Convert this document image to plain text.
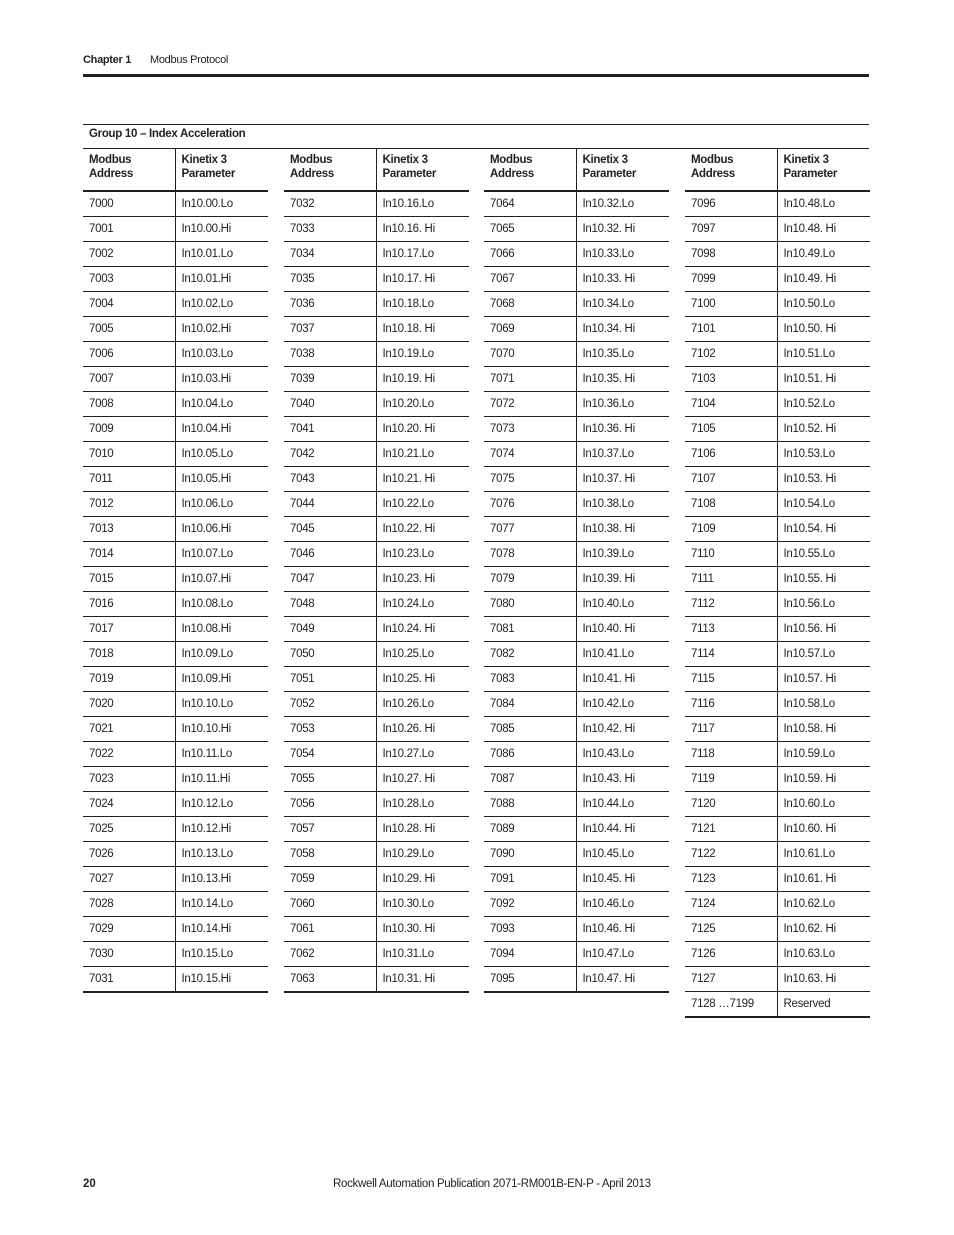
Chapter 1 Modbus Protocol
Group 10 – Index Acceleration
Modbus Address	Kinetix 3 Parameter
7000	In10.00.Lo
7001	In10.00.Hi
7002	In10.01.Lo
7003	In10.01.Hi
7004	In10.02.Lo
7005	In10.02.Hi
7006	In10.03.Lo
7007	In10.03.Hi
7008	In10.04.Lo
7009	In10.04.Hi
7010	In10.05.Lo
7011	In10.05.Hi
7012	In10.06.Lo
7013	In10.06.Hi
7014	In10.07.Lo
7015	In10.07.Hi
7016	In10.08.Lo
7017	In10.08.Hi
7018	In10.09.Lo
7019	In10.09.Hi
7020	In10.10.Lo
7021	In10.10.Hi
7022	In10.11.Lo
7023	In10.11.Hi
7024	In10.12.Lo
7025	In10.12.Hi
7026	In10.13.Lo
7027	In10.13.Hi
7028	In10.14.Lo
7029	In10.14.Hi
7030	In10.15.Lo
7031	In10.15.Hi
Modbus Address	Kinetix 3 Parameter
7032	In10.16.Lo
7033	In10.16. Hi
7034	In10.17.Lo
7035	In10.17. Hi
7036	In10.18.Lo
7037	In10.18. Hi
7038	In10.19.Lo
7039	In10.19. Hi
7040	In10.20.Lo
7041	In10.20. Hi
7042	In10.21.Lo
7043	In10.21. Hi
7044	In10.22.Lo
7045	In10.22. Hi
7046	In10.23.Lo
7047	In10.23. Hi
7048	In10.24.Lo
7049	In10.24. Hi
7050	In10.25.Lo
7051	In10.25. Hi
7052	In10.26.Lo
7053	In10.26. Hi
7054	In10.27.Lo
7055	In10.27. Hi
7056	In10.28.Lo
7057	In10.28. Hi
7058	In10.29.Lo
7059	In10.29. Hi
7060	In10.30.Lo
7061	In10.30. Hi
7062	In10.31.Lo
7063	In10.31. Hi
Modbus Address	Kinetix 3 Parameter
7064	In10.32.Lo
7065	In10.32. Hi
7066	In10.33.Lo
7067	In10.33. Hi
7068	In10.34.Lo
7069	In10.34. Hi
7070	In10.35.Lo
7071	In10.35. Hi
7072	In10.36.Lo
7073	In10.36. Hi
7074	In10.37.Lo
7075	In10.37. Hi
7076	In10.38.Lo
7077	In10.38. Hi
7078	In10.39.Lo
7079	In10.39. Hi
7080	In10.40.Lo
7081	In10.40. Hi
7082	In10.41.Lo
7083	In10.41. Hi
7084	In10.42.Lo
7085	In10.42. Hi
7086	In10.43.Lo
7087	In10.43. Hi
7088	In10.44.Lo
7089	In10.44. Hi
7090	In10.45.Lo
7091	In10.45. Hi
7092	In10.46.Lo
7093	In10.46. Hi
7094	In10.47.Lo
7095	In10.47. Hi
Modbus Address	Kinetix 3 Parameter
7096	In10.48.Lo
7097	In10.48. Hi
7098	In10.49.Lo
7099	In10.49. Hi
7100	In10.50.Lo
7101	In10.50. Hi
7102	In10.51.Lo
7103	In10.51. Hi
7104	In10.52.Lo
7105	In10.52. Hi
7106	In10.53.Lo
7107	In10.53. Hi
7108	In10.54.Lo
7109	In10.54. Hi
7110	In10.55.Lo
7111	In10.55. Hi
7112	In10.56.Lo
7113	In10.56. Hi
7114	In10.57.Lo
7115	In10.57. Hi
7116	In10.58.Lo
7117	In10.58. Hi
7118	In10.59.Lo
7119	In10.59. Hi
7120	In10.60.Lo
7121	In10.60. Hi
7122	In10.61.Lo
7123	In10.61. Hi
7124	In10.62.Lo
7125	In10.62. Hi
7126	In10.63.Lo
7127	In10.63. Hi
7128 …7199	Reserved
20	Rockwell Automation Publication 2071-RM001B-EN-P - April 2013
